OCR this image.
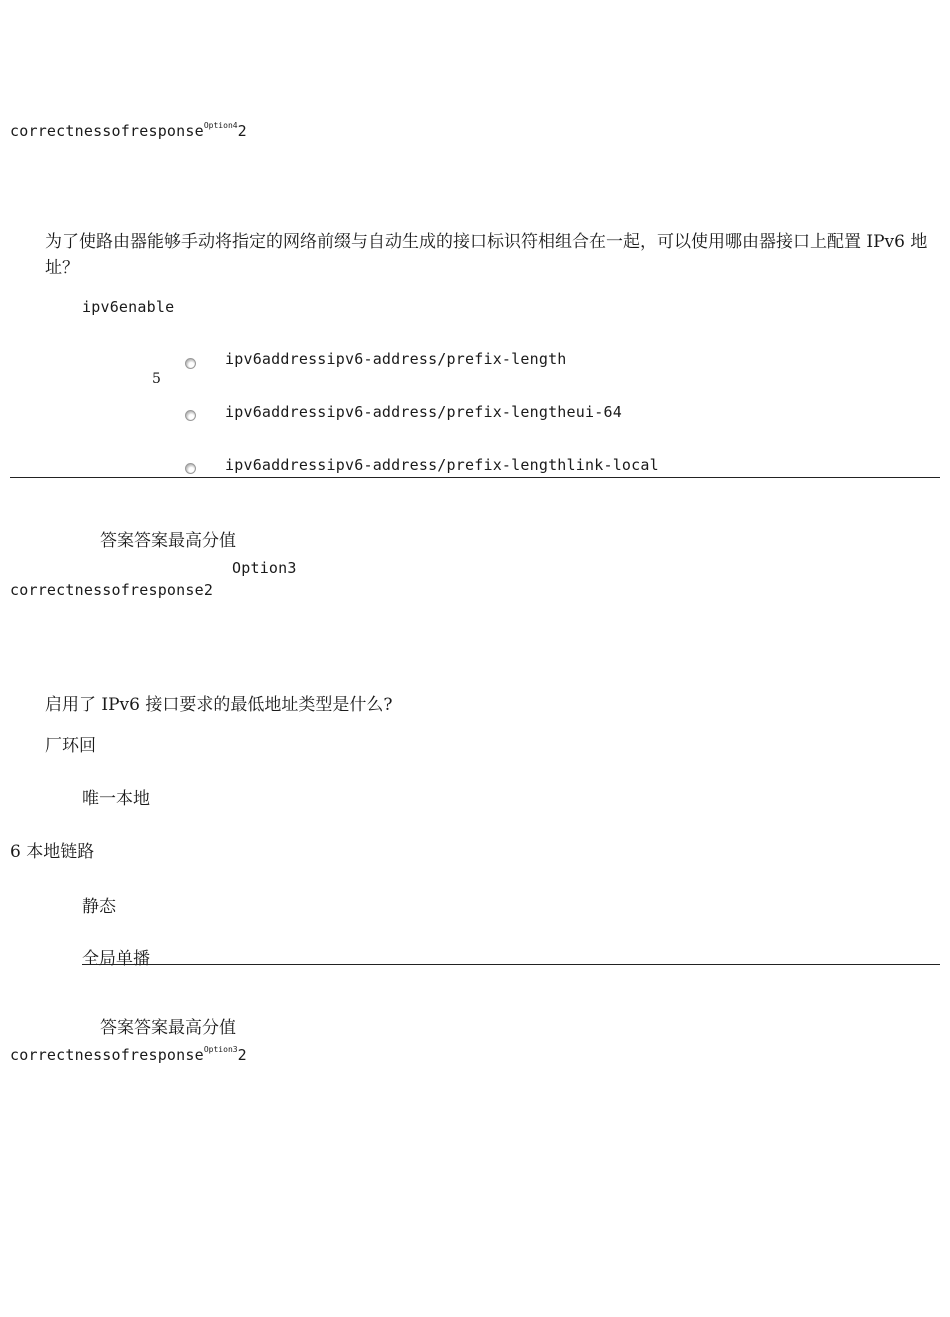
correctnessofresponse$^{Option4}$2
为了使路由器能够手动将指定的网络前缀与自动生成的接口标识符相组合在一起，可以使用哪由器接口上配置 IPv6 地址？
ipv6enable
ipv6addressipv6-address/prefix-length
5
ipv6addressipv6-address/prefix-lengtheui-64
ipv6addressipv6-address/prefix-lengthlink-local
答案答案最高分值
Option3
correctnessofresponse2
启用了 IPv6 接口要求的最低地址类型是什么?
厂环回
唯一本地
6 本地链路
静态
全局单播
答案答案最高分值
correctnessofresponse$^{Option3}$2
